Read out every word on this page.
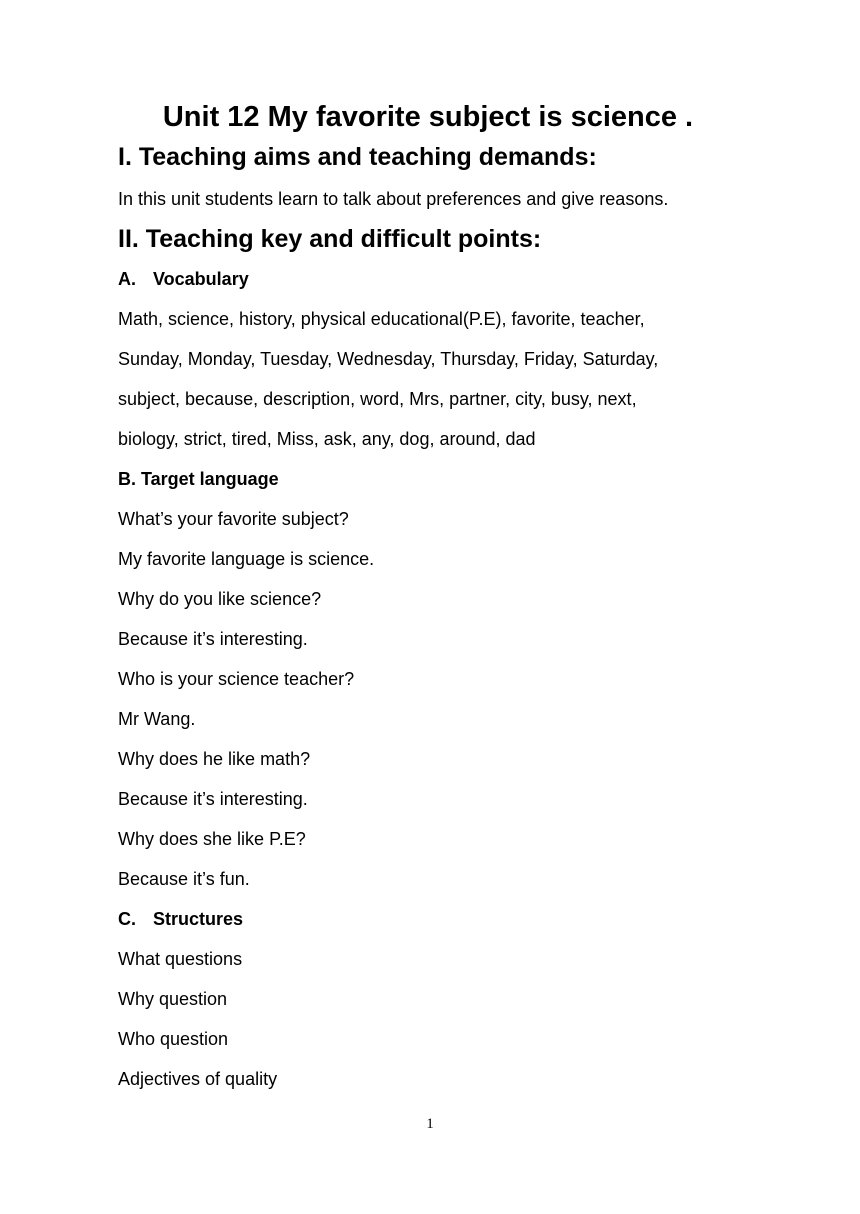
Unit 12 My favorite subject is science .
I. Teaching aims and teaching demands:
In this unit students learn to talk about preferences and give reasons.
II. Teaching key and difficult points:
A. Vocabulary
Math, science, history, physical educational(P.E), favorite, teacher,
Sunday, Monday, Tuesday, Wednesday, Thursday, Friday, Saturday,
subject, because, description, word, Mrs, partner, city, busy, next,
biology, strict, tired, Miss, ask, any, dog, around, dad
B. Target language
What’s your favorite subject?
My favorite language is science.
Why do you like science?
Because it’s interesting.
Who is your science teacher?
Mr Wang.
Why does he like math?
Because it’s interesting.
Why does she like P.E?
Because it’s fun.
C. Structures
What questions
Why question
Who question
Adjectives of quality
1
